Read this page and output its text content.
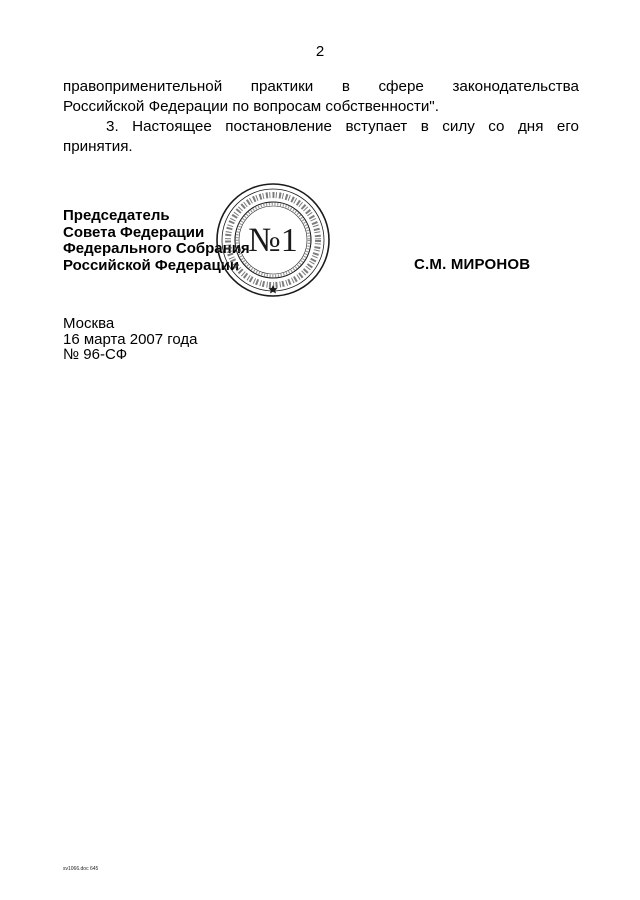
2
правоприменительной практики в сфере законодательства
Российской Федерации по вопросам собственности".
3. Настоящее постановление вступает в силу со дня его
принятия.
Председатель
Совета Федерации
Федерального Собрания
Российской Федерации
№1
С.М. МИРОНОВ
Москва
16 марта 2007 года
№ 96-СФ
sv1066.doc 645
